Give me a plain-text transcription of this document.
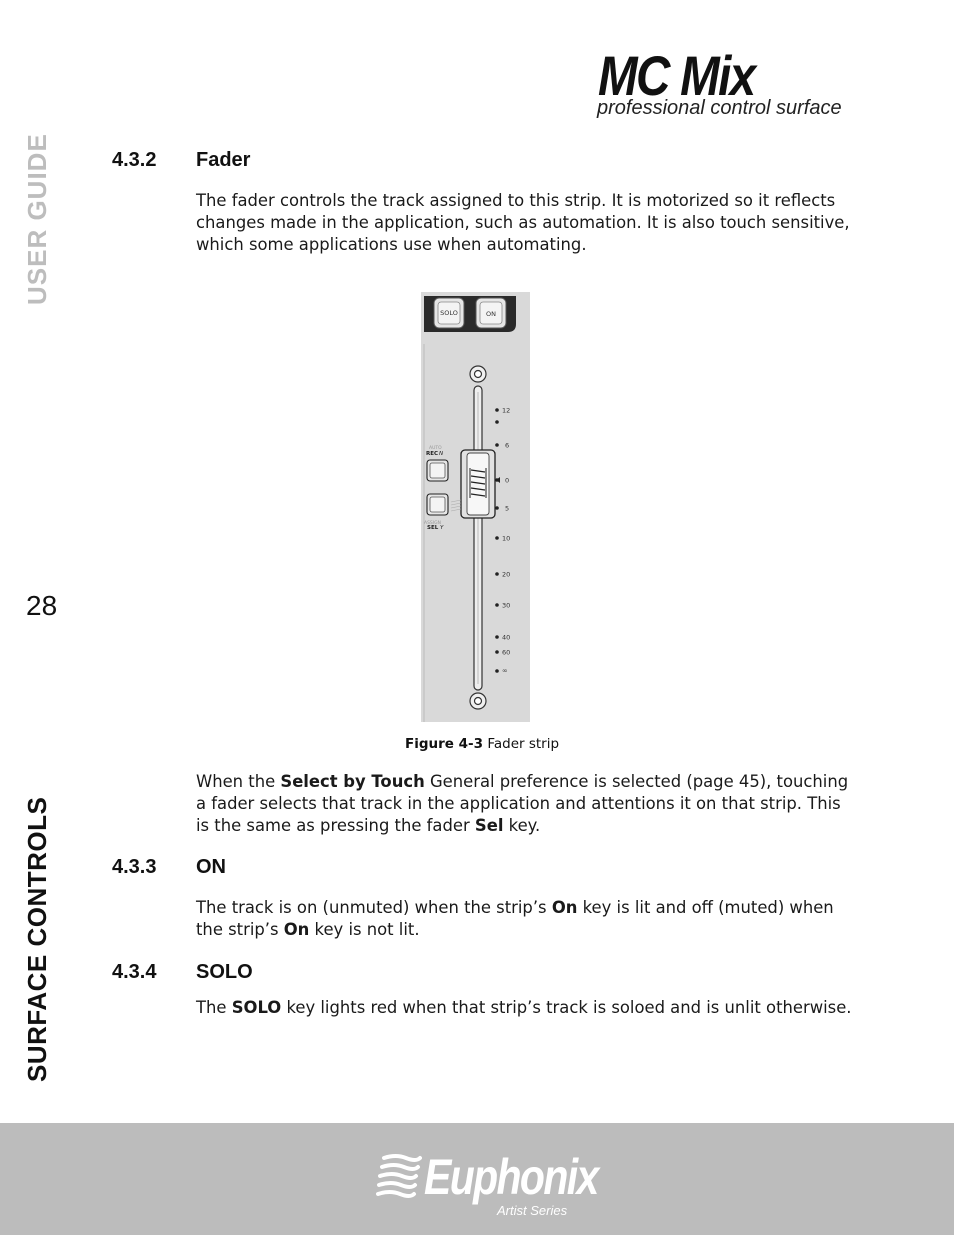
MC Mix
professional control surface
USER GUIDE
28
SURFACE CONTROLS
4.3.2 Fader
The fader controls the track assigned to this strip. It is motorized so it reflects changes made in the application, such as automation. It is also touch sensitive, which some applications use when automating.
SOLO	ON
12
6
0
5
10
20
30
40
60
∞
AUTO
REC N
ASSIGN
SEL Y
Figure 4-3 Fader strip
When the Select by Touch General preference is selected (page 45), touching a fader selects that track in the application and attentions it on that strip. This is the same as pressing the fader Sel key.
4.3.3 ON
The track is on (unmuted) when the strip’s On key is lit and off (muted) when the strip’s On key is not lit.
4.3.4 SOLO
The SOLO key lights red when that strip’s track is soloed and is unlit otherwise.
Euphonix
Artist Series
